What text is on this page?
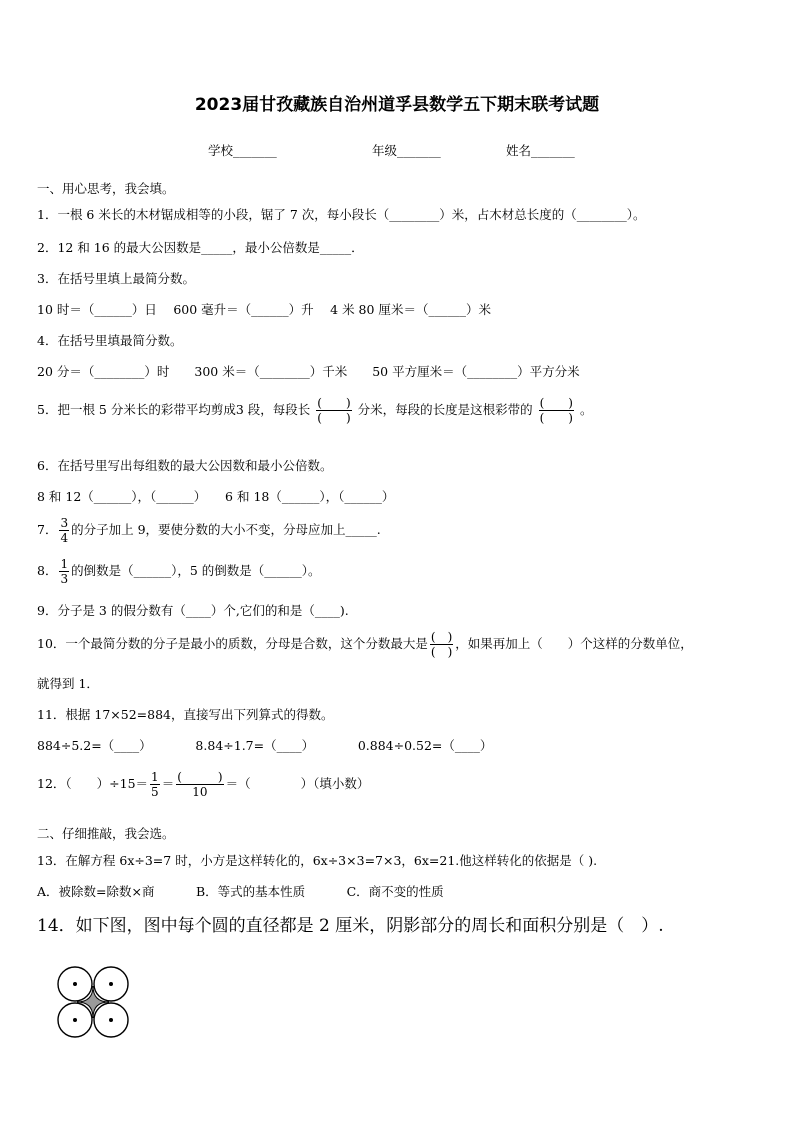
2023届甘孜藏族自治州道孚县数学五下期末联考试题
学校_______	年级_______	姓名_______
一、用心思考，我会填。
1．一根 6 米长的木材锯成相等的小段，锯了 7 次，每小段长（________）米，占木材总长度的（________）。
2．12 和 16 的最大公因数是_____，最小公倍数是_____．
3．在括号里填上最简分数。
10 时＝（______）日　 600 毫升＝（______）升　 4 米 80 厘米＝（______）米
4．在括号里填最简分数。
20 分＝（________）时　　300 米＝（________）千米　　50 平方厘米＝（________）平方分米
5．把一根 5 分米长的彩带平均剪成3 段，每段长 $\frac{( )}{( )}$ 分米，每段的长度是这根彩带的 $\frac{( )}{( )}$ 。
6．在括号里写出每组数的最大公因数和最小公倍数。
8 和 12（______），（______）　　6 和 18（______），（______）
7． $\frac{3}{4}$ 的分子加上 9，要使分数的大小不变，分母应加上_____.
8． $\frac{1}{3}$ 的倒数是（______），5 的倒数是（______）。
9．分子是 3 的假分数有（____）个,它们的和是（____).
10．一个最简分数的分子是最小的质数，分母是合数，这个分数最大是 $\frac{( )}{( )}$ ，如果再加上（　　）个这样的分数单位，
就得到 1．
11．根据 17×52=884，直接写出下列算式的得数。
884÷5.2=（____）　　　　8.84÷1.7=（____）　　　　0.884÷0.52=（____）
12．（　　）$\div 15= \frac{1}{5} = \frac{( )}{10}$ ＝（　　　　）（填小数）
二、仔细推敲，我会选。
13．在解方程 6x÷3=7 时，小方是这样转化的，6x÷3×3=7×3，6x=21.他这样转化的依据是（ ).
A．被除数=除数×商　　　 B．等式的基本性质　　　 C．商不变的性质
14．如下图，图中每个圆的直径都是 2 厘米，阴影部分的周长和面积分别是（　）.
